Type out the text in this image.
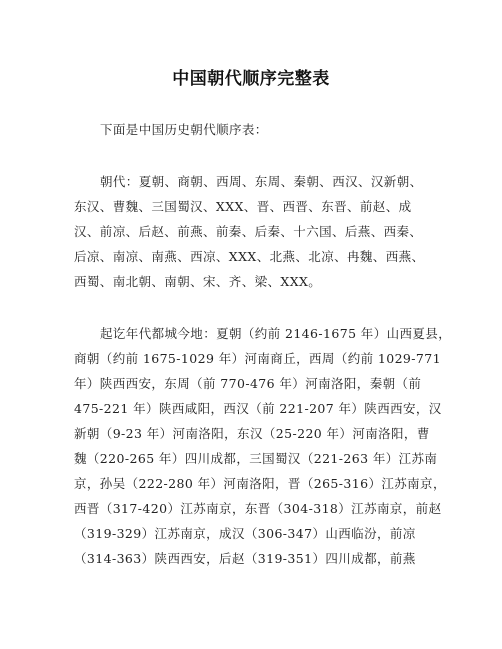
中国朝代顺序完整表
下面是中国历史朝代顺序表：
朝代：夏朝、商朝、西周、东周、秦朝、西汉、汉新朝、
东汉、曹魏、三国蜀汉、XXX、晋、西晋、东晋、前赵、成
汉、前凉、后赵、前燕、前秦、后秦、十六国、后燕、西秦、
后凉、南凉、南燕、西凉、XXX、北燕、北凉、冉魏、西燕、
西蜀、南北朝、南朝、宋、齐、梁、XXX。
起讫年代都城今地：夏朝（约前 2146-1675 年）山西夏县，
商朝（约前 1675-1029 年）河南商丘，西周（约前 1029-771
年）陕西西安，东周（前 770-476 年）河南洛阳，秦朝（前
475-221 年）陕西咸阳，西汉（前 221-207 年）陕西西安，汉
新朝（9-23 年）河南洛阳，东汉（25-220 年）河南洛阳，曹
魏（220-265 年）四川成都，三国蜀汉（221-263 年）江苏南
京，孙吴（222-280 年）河南洛阳，晋（265-316）江苏南京，
西晋（317-420）江苏南京，东晋（304-318）江苏南京，前赵
（319-329）江苏南京，成汉（306-347）山西临汾，前凉
（314-363）陕西西安，后赵（319-351）四川成都，前燕
